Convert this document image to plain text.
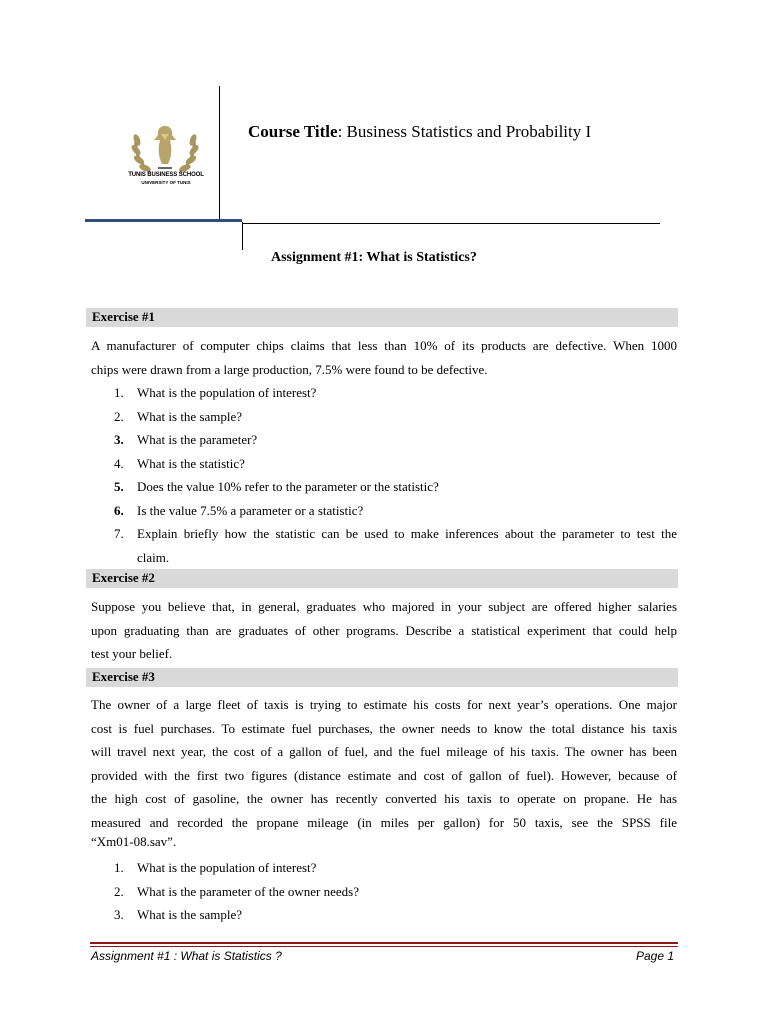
TUNIS BUSINESS SCHOOL
UNIVERSITY OF TUNIS
Course Title: Business Statistics and Probability I
Assignment #1: What is Statistics?
Exercise #1
A manufacturer of computer chips claims that less than 10% of its products are defective. When 1000
chips were drawn from a large production, 7.5% were found to be defective.
1. What is the population of interest?
2. What is the sample?
3. What is the parameter?
4. What is the statistic?
5. Does the value 10% refer to the parameter or the statistic?
6. Is the value 7.5% a parameter or a statistic?
7. Explain briefly how the statistic can be used to make inferences about the parameter to test the
claim.
Exercise #2
Suppose you believe that, in general, graduates who majored in your subject are offered higher salaries
upon graduating than are graduates of other programs. Describe a statistical experiment that could help
test your belief.
Exercise #3
The owner of a large fleet of taxis is trying to estimate his costs for next year’s operations. One major
cost is fuel purchases. To estimate fuel purchases, the owner needs to know the total distance his taxis
will travel next year, the cost of a gallon of fuel, and the fuel mileage of his taxis. The owner has been
provided with the first two figures (distance estimate and cost of gallon of fuel). However, because of
the high cost of gasoline, the owner has recently converted his taxis to operate on propane. He has
measured and recorded the propane mileage (in miles per gallon) for 50 taxis, see the SPSS file
“Xm01-08.sav”.
1. What is the population of interest?
2. What is the parameter of the owner needs?
3. What is the sample?
Assignment #1 : What is Statistics ?	Page 1
